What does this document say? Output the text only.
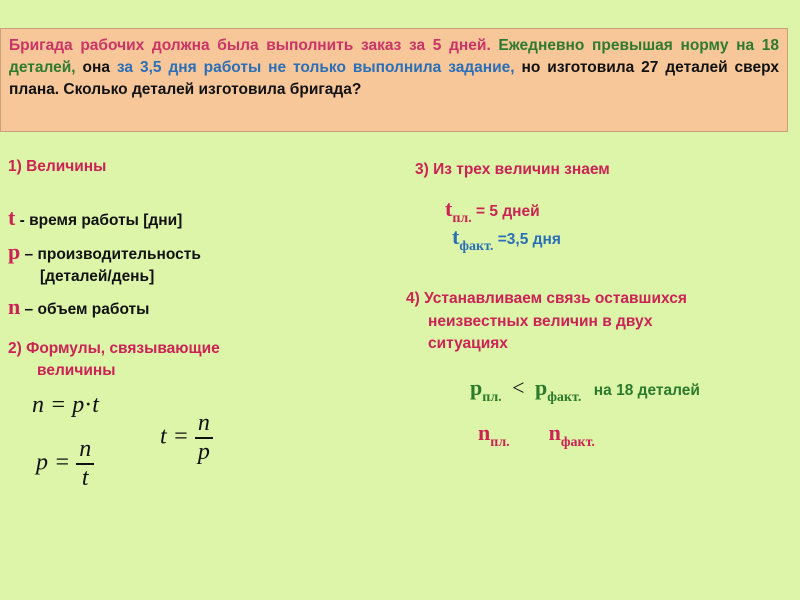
Бригада рабочих должна была выполнить заказ за 5 дней. Ежедневно превышая норму на 18 деталей, она за 3,5 дня работы не только выполнила задание, но изготовила 27 деталей сверх плана. Сколько деталей изготовила бригада?
1) Величины
t - время работы [дни]
p – производительность
[деталей/день]
n – объем работы
2) Формулы, связывающие
величины
n = p·t
$p = \frac{n}{t}$	$t = \frac{n}{p}$
3) Из трех величин знаем
tпл. = 5 дней
tфакт. =3,5 дня
4) Устанавливаем связь оставшихся
неизвестных величин в двух
ситуациях
pпл. < pфакт. на 18 деталей
nпл. nфакт.
